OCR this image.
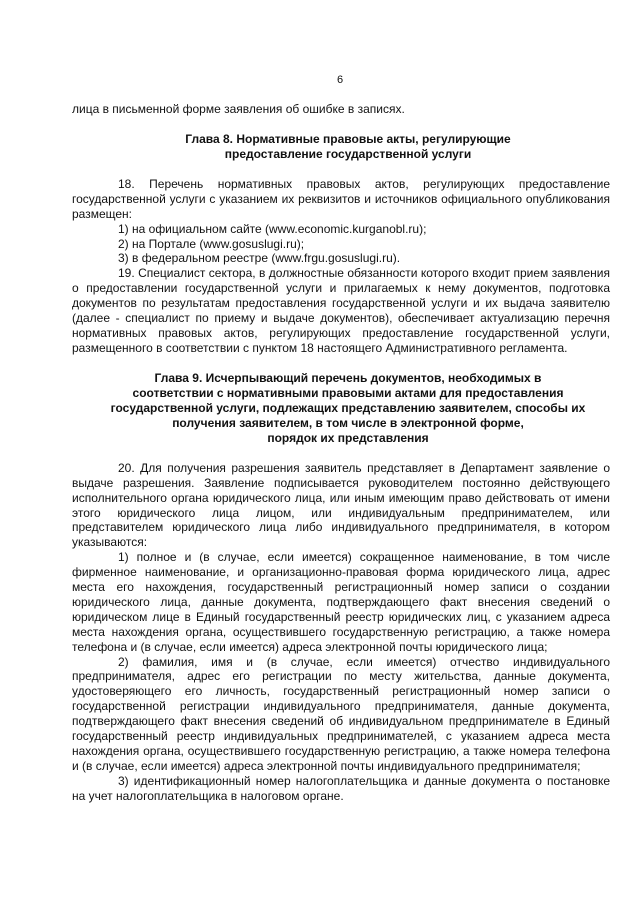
6

лица в письменной форме заявления об ошибке в записях.

Глава 8. Нормативные правовые акты, регулирующие
предоставление государственной услуги

18. Перечень нормативных правовых актов, регулирующих предоставление государственной услуги с указанием их реквизитов и источников официального опубликования размещен:

1) на официальном сайте (www.economic.kurganobl.ru);

2) на Портале (www.gosuslugi.ru);

3) в федеральном реестре (www.frgu.gosuslugi.ru).

19. Специалист сектора, в должностные обязанности которого входит прием заявления о предоставлении государственной услуги и прилагаемых к нему документов, подготовка документов по результатам предоставления государственной услуги и их выдача заявителю (далее - специалист по приему и выдаче документов), обеспечивает актуализацию перечня нормативных правовых актов, регулирующих предоставление государственной услуги, размещенного в соответствии с пунктом 18 настоящего Административного регламента.

Глава 9. Исчерпывающий перечень документов, необходимых в
соответствии с нормативными правовыми актами для предоставления
государственной услуги, подлежащих представлению заявителем, способы их
получения заявителем, в том числе в электронной форме,
порядок их представления

20. Для получения разрешения заявитель представляет в Департамент заявление о выдаче разрешения. Заявление подписывается руководителем постоянно действующего исполнительного органа юридического лица, или иным имеющим право действовать от имени этого юридического лица лицом, или индивидуальным предпринимателем, или представителем юридического лица либо индивидуального предпринимателя, в котором указываются:

1) полное и (в случае, если имеется) сокращенное наименование, в том числе фирменное наименование, и организационно-правовая форма юридического лица, адрес места его нахождения, государственный регистрационный номер записи о создании юридического лица, данные документа, подтверждающего факт внесения сведений о юридическом лице в Единый государственный реестр юридических лиц, с указанием адреса места нахождения органа, осуществившего государственную регистрацию, а также номера телефона и (в случае, если имеется) адреса электронной почты юридического лица;

2) фамилия, имя и (в случае, если имеется) отчество индивидуального предпринимателя, адрес его регистрации по месту жительства, данные документа, удостоверяющего его личность, государственный регистрационный номер записи о государственной регистрации индивидуального предпринимателя, данные документа, подтверждающего факт внесения сведений об индивидуальном предпринимателе в Единый государственный реестр индивидуальных предпринимателей, с указанием адреса места нахождения органа, осуществившего государственную регистрацию, а также номера телефона и (в случае, если имеется) адреса электронной почты индивидуального предпринимателя;

3) идентификационный номер налогоплательщика и данные документа о постановке на учет налогоплательщика в налоговом органе.
